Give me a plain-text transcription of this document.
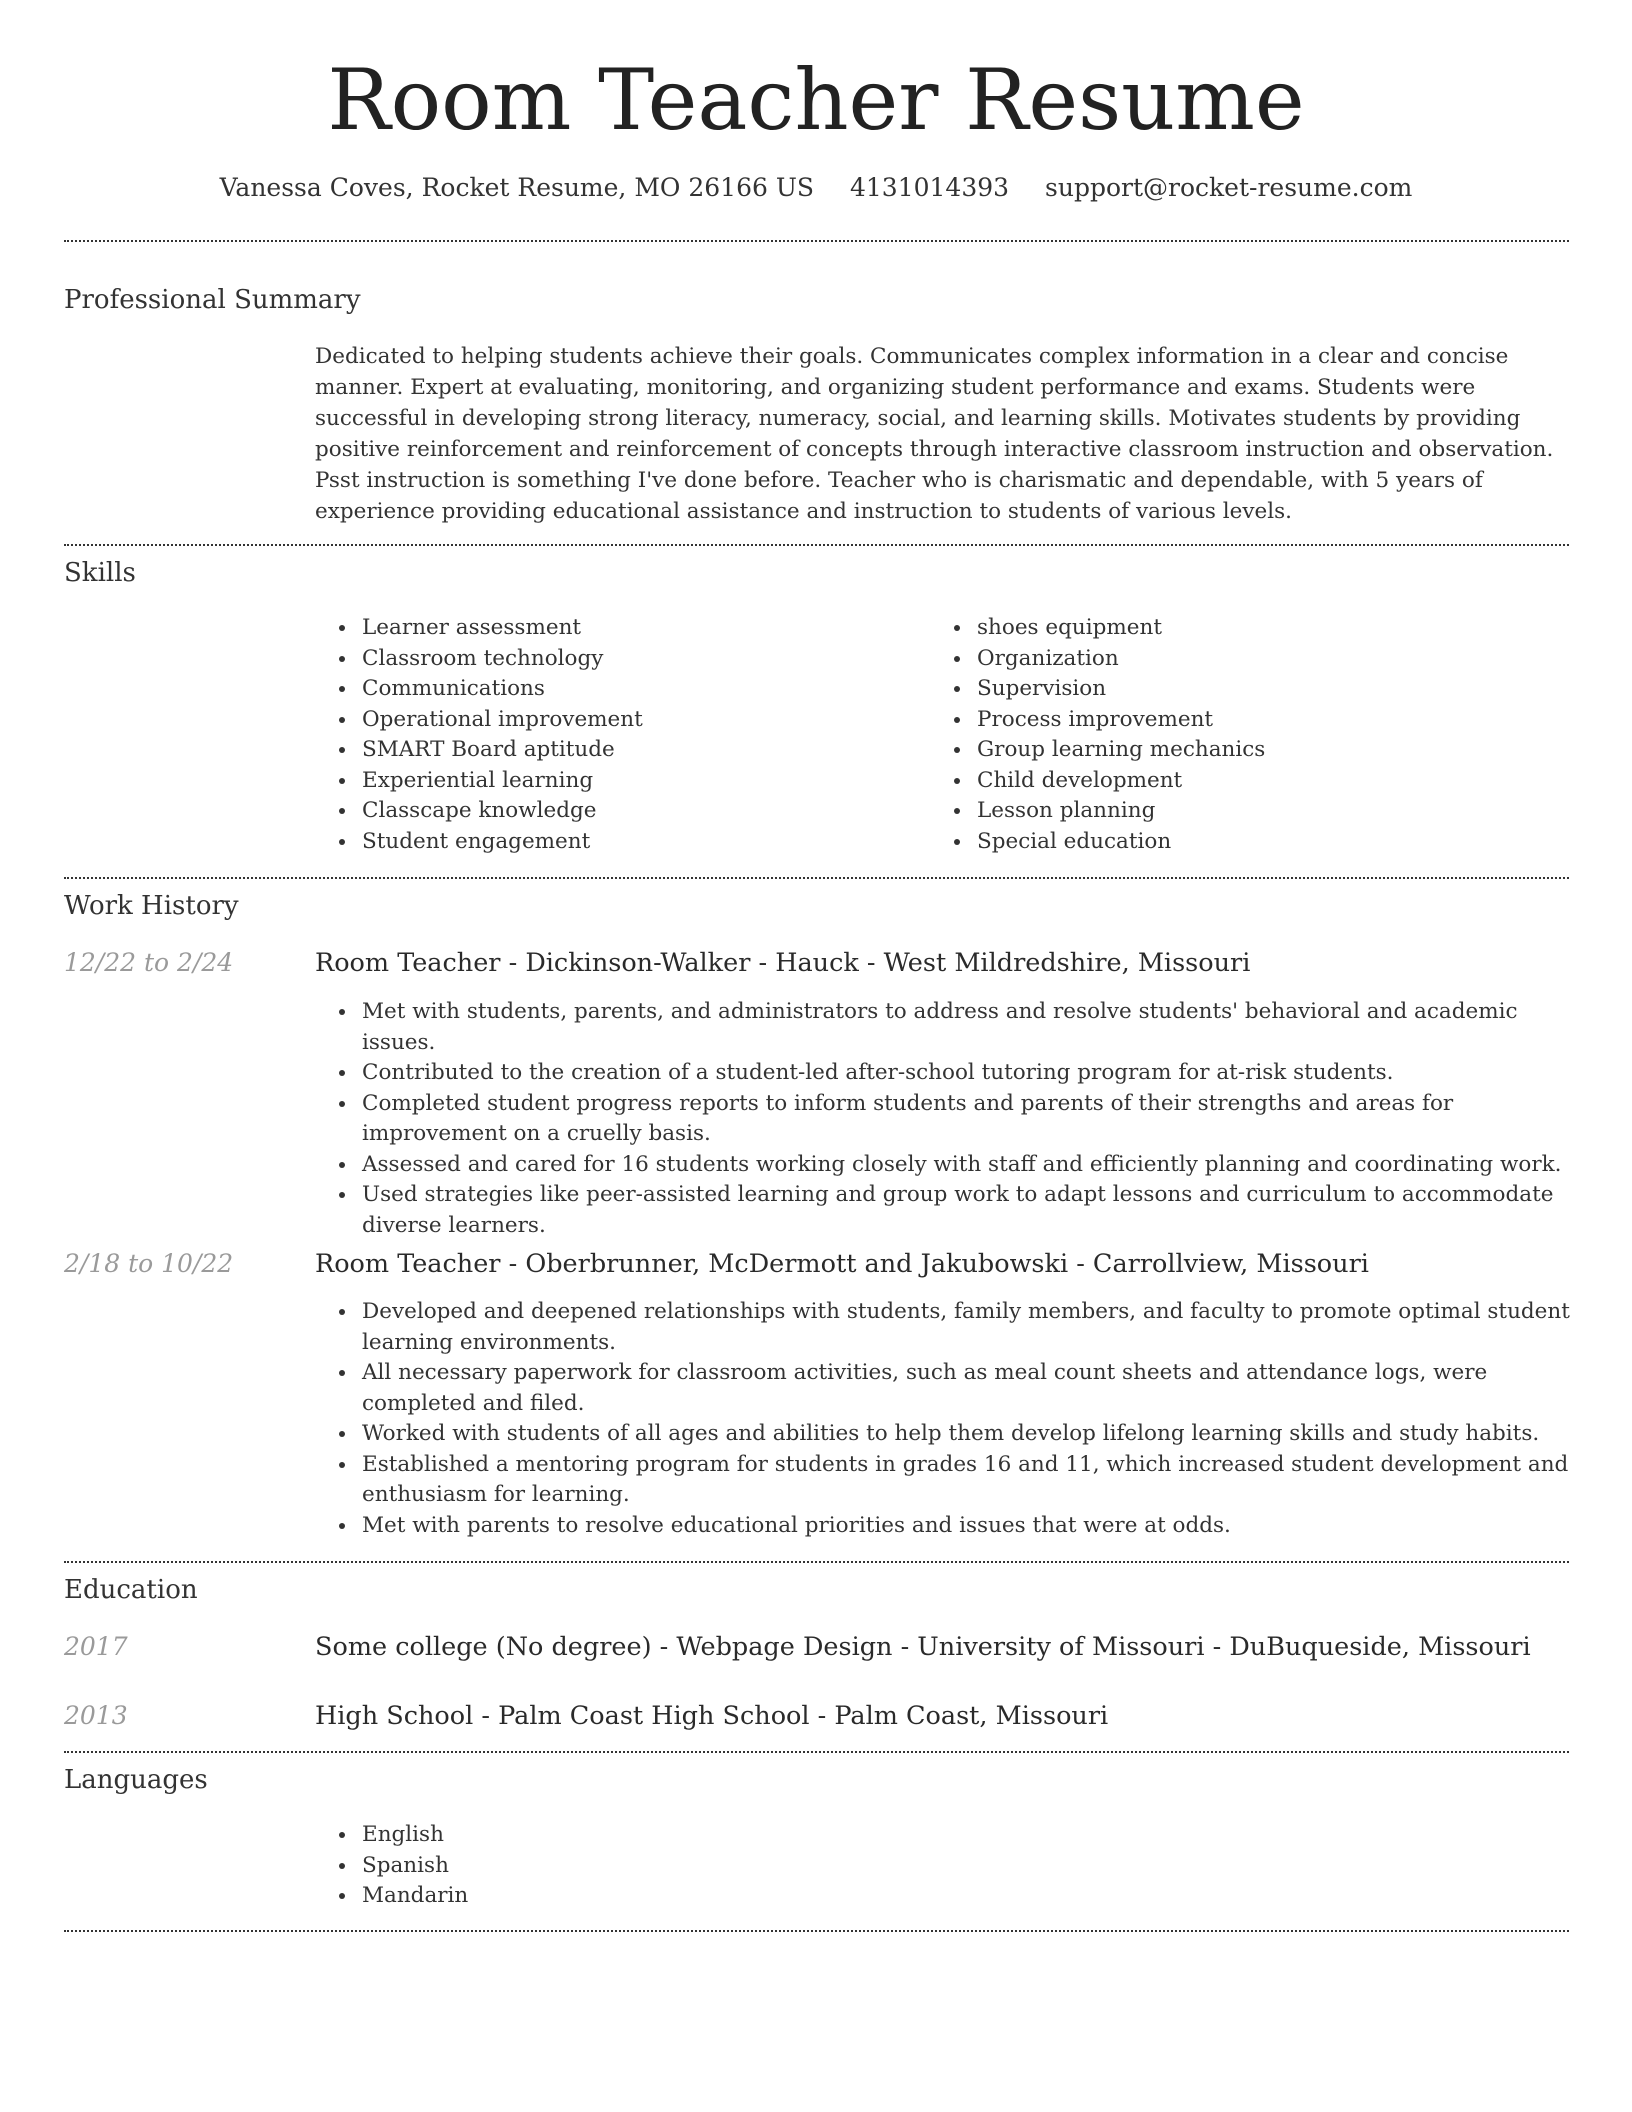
Room Teacher Resume
Vanessa Coves, Rocket Resume, MO 26166 US 4131014393 support@rocket-resume.com
Professional Summary
Dedicated to helping students achieve their goals. Communicates complex information in a clear and concise manner. Expert at evaluating, monitoring, and organizing student performance and exams. Students were successful in developing strong literacy, numeracy, social, and learning skills. Motivates students by providing positive reinforcement and reinforcement of concepts through interactive classroom instruction and observation. Psst instruction is something I've done before. Teacher who is charismatic and dependable, with 5 years of experience providing educational assistance and instruction to students of various levels.
Skills
• Learner assessment
• Classroom technology
• Communications
• Operational improvement
• SMART Board aptitude
• Experiential learning
• Classcape knowledge
• Student engagement
• shoes equipment
• Organization
• Supervision
• Process improvement
• Group learning mechanics
• Child development
• Lesson planning
• Special education
Work History
12/22 to 2/24	Room Teacher - Dickinson-Walker - Hauck - West Mildredshire, Missouri
• Met with students, parents, and administrators to address and resolve students' behavioral and academic issues.
• Contributed to the creation of a student-led after-school tutoring program for at-risk students.
• Completed student progress reports to inform students and parents of their strengths and areas for improvement on a cruelly basis.
• Assessed and cared for 16 students working closely with staff and efficiently planning and coordinating work.
• Used strategies like peer-assisted learning and group work to adapt lessons and curriculum to accommodate diverse learners.
2/18 to 10/22	Room Teacher - Oberbrunner, McDermott and Jakubowski - Carrollview, Missouri
• Developed and deepened relationships with students, family members, and faculty to promote optimal student learning environments.
• All necessary paperwork for classroom activities, such as meal count sheets and attendance logs, were completed and filed.
• Worked with students of all ages and abilities to help them develop lifelong learning skills and study habits.
• Established a mentoring program for students in grades 16 and 11, which increased student development and enthusiasm for learning.
• Met with parents to resolve educational priorities and issues that were at odds.
Education
2017	Some college (No degree) - Webpage Design - University of Missouri - DuBuqueside, Missouri
2013	High School - Palm Coast High School - Palm Coast, Missouri
Languages
• English
• Spanish
• Mandarin
